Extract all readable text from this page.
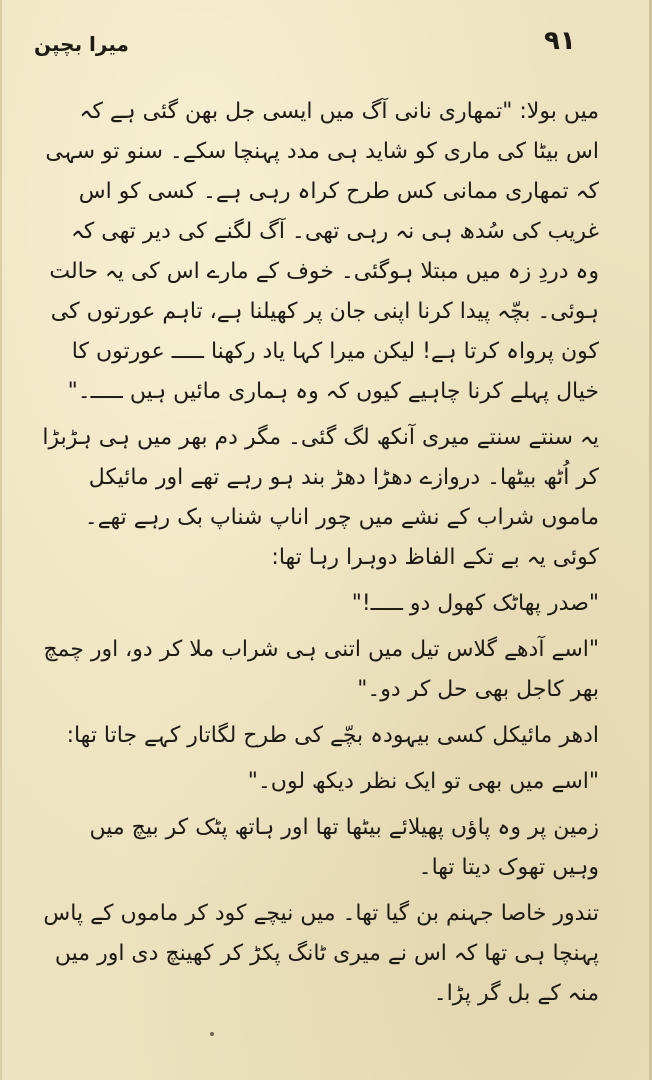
میرا بچپن	٩١

میں بولا: "تمھاری نانی آگ میں ایسی جل بھن گئی ہے کہ اس بیٹا کی ماری کو شاید ہی مدد پہنچا سکے۔ سنو تو سہی کہ تمھاری ممانی کس طرح کراہ رہی ہے۔ کسی کو اس غریب کی سُدھ ہی نہ رہی تھی۔ آگ لگنے کی دیر تھی کہ وہ دردِ زہ میں مبتلا ہوگئی۔ خوف کے مارے اس کی یہ حالت ہوئی۔ بچّہ پیدا کرنا اپنی جان پر کھیلنا ہے، تاہم عورتوں کی کون پرواہ کرتا ہے! لیکن میرا کہا یاد رکھنا ـــــ عورتوں کا خیال پہلے کرنا چاہیے کیوں کہ وہ ہماری مائیں ہیں ـــــ۔"

یہ سنتے سنتے میری آنکھ لگ گئی۔ مگر دم بھر میں ہی ہڑبڑا کر اُٹھ بیٹھا۔ دروازے دھڑا دھڑ بند ہو رہے تھے اور مائیکل ماموں شراب کے نشے میں چور اناپ شناپ بک رہے تھے۔ کوئی یہ بے تکے الفاظ دوہرا رہا تھا:

"صدر پھاٹک کھول دو ـــــ!"

"اسے آدھے گلاس تیل میں اتنی ہی شراب ملا کر دو، اور چمچ بھر کاجل بھی حل کر دو۔"

ادھر مائیکل کسی بیہودہ بچّے کی طرح لگاتار کہے جاتا تھا:

"اسے میں بھی تو ایک نظر دیکھ لوں۔"

زمین پر وہ پاؤں پھیلائے بیٹھا تھا اور ہاتھ پٹک کر بیچ میں وہیں تھوک دیتا تھا۔

تندور خاصا جہنم بن گیا تھا۔ میں نیچے کود کر ماموں کے پاس پہنچا ہی تھا کہ اس نے میری ٹانگ پکڑ کر کھینچ دی اور میں منہ کے بل گر پڑا۔
